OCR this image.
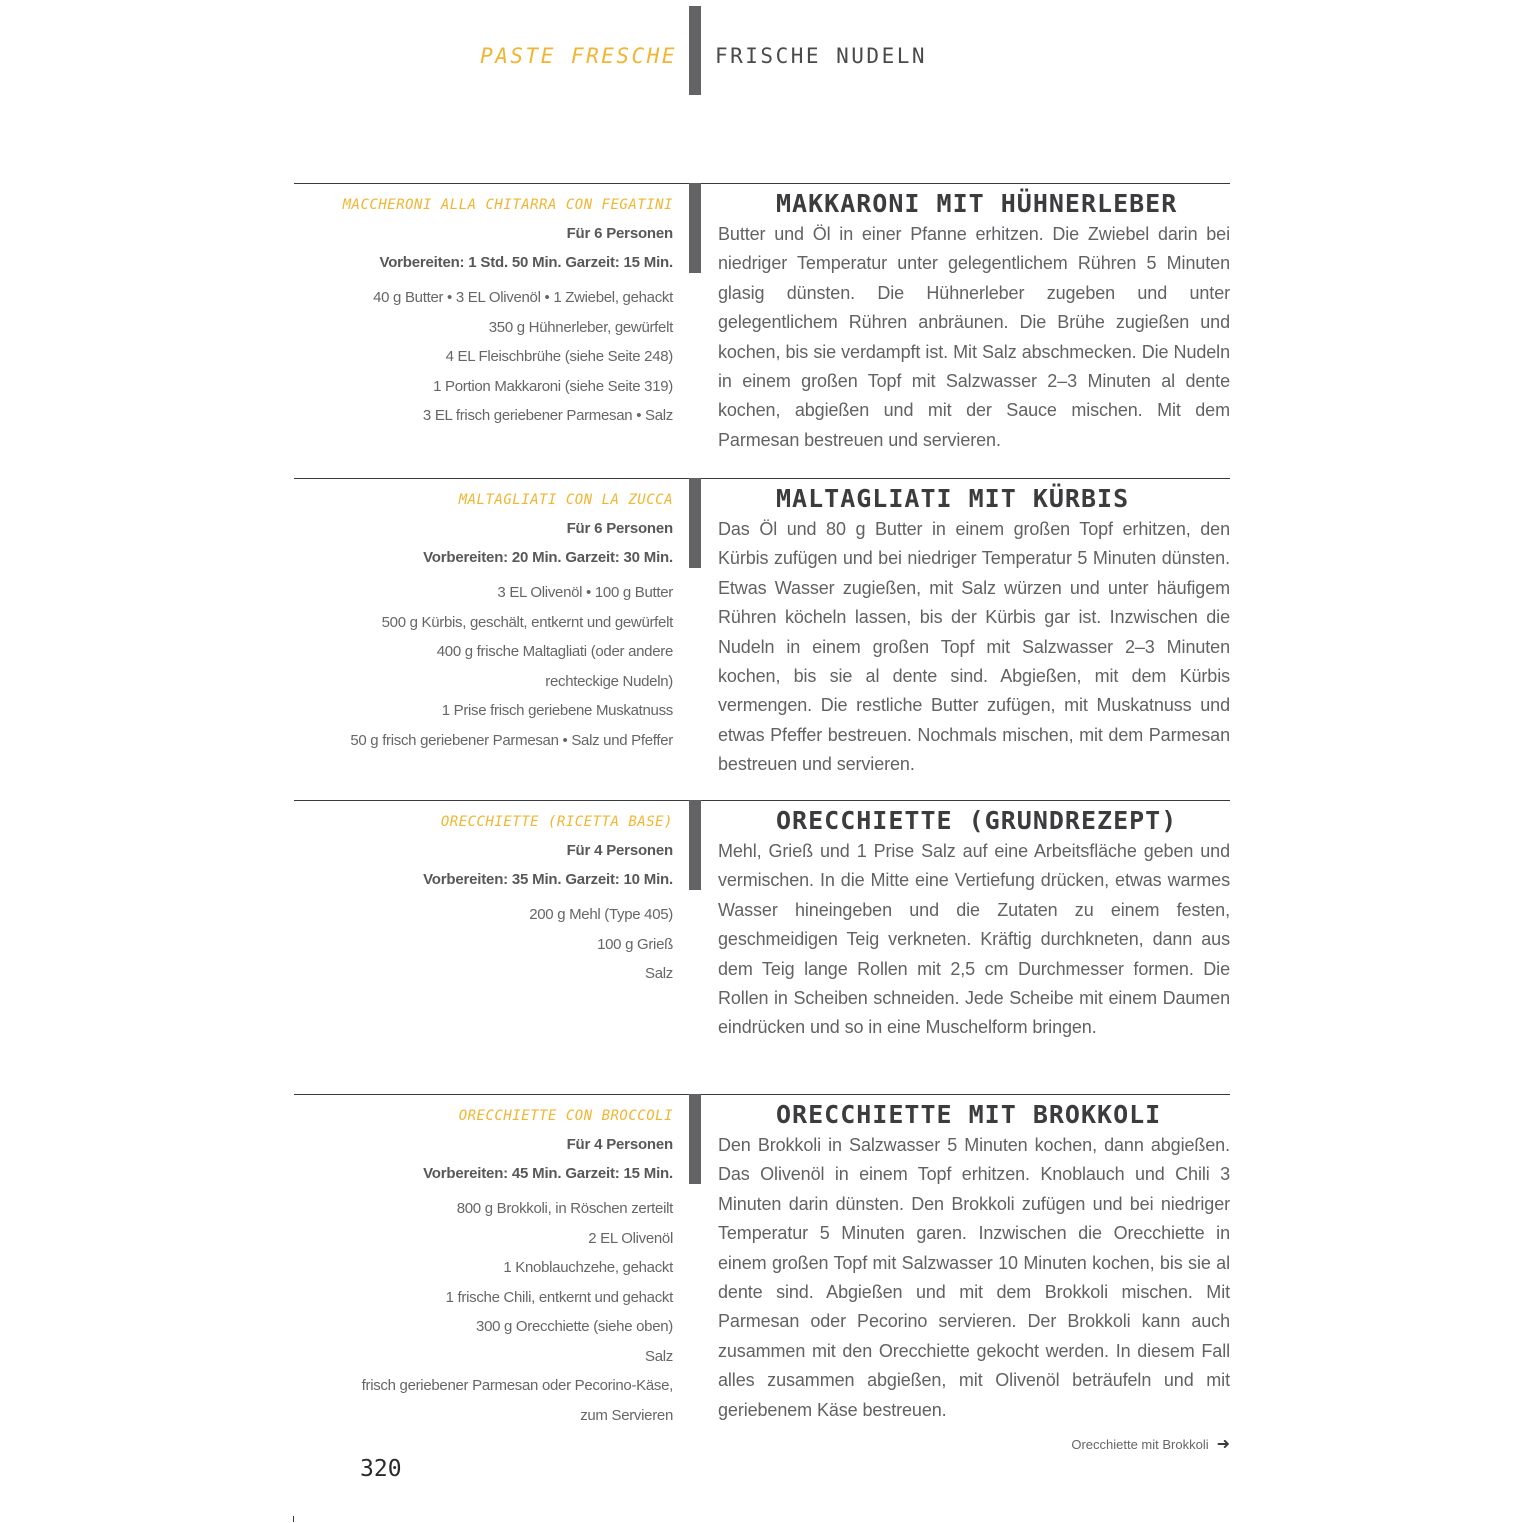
PASTE FRESCHE FRISCHE NUDELN
MACCHERONI ALLA CHITARRA CON FEGATINI
Für 6 Personen
Vorbereiten: 1 Std. 50 Min. Garzeit: 15 Min.
40 g Butter • 3 EL Olivenöl • 1 Zwiebel, gehackt
350 g Hühnerleber, gewürfelt
4 EL Fleischbrühe (siehe Seite 248)
1 Portion Makkaroni (siehe Seite 319)
3 EL frisch geriebener Parmesan • Salz
MAKKARONI MIT HÜHNERLEBER

Butter und Öl in einer Pfanne erhitzen. Die Zwiebel darin bei niedriger Temperatur unter gelegentlichem Rühren 5 Minuten glasig dünsten. Die Hühnerleber zugeben und unter gelegentlichem Rühren anbräunen. Die Brühe zugießen und kochen, bis sie verdampft ist. Mit Salz abschmecken. Die Nudeln in einem großen Topf mit Salzwasser 2–3 Minuten al dente kochen, abgießen und mit der Sauce mischen. Mit dem Parmesan bestreuen und servieren.

MALTAGLIATI CON LA ZUCCA
Für 6 Personen
Vorbereiten: 20 Min. Garzeit: 30 Min.
3 EL Olivenöl • 100 g Butter
500 g Kürbis, geschält, entkernt und gewürfelt
400 g frische Maltagliati (oder andere
rechteckige Nudeln)
1 Prise frisch geriebene Muskatnuss
50 g frisch geriebener Parmesan • Salz und Pfeffer
MALTAGLIATI MIT KÜRBIS

Das Öl und 80 g Butter in einem großen Topf erhitzen, den Kürbis zufügen und bei niedriger Temperatur 5 Minuten dünsten. Etwas Wasser zugießen, mit Salz würzen und unter häufigem Rühren köcheln lassen, bis der Kürbis gar ist. Inzwischen die Nudeln in einem großen Topf mit Salzwasser 2–3 Minuten kochen, bis sie al dente sind. Abgießen, mit dem Kürbis vermengen. Die restliche Butter zufügen, mit Muskatnuss und etwas Pfeffer bestreuen. Nochmals mischen, mit dem Parmesan bestreuen und servieren.

ORECCHIETTE (RICETTA BASE)
Für 4 Personen
Vorbereiten: 35 Min. Garzeit: 10 Min.
200 g Mehl (Type 405)
100 g Grieß
Salz
ORECCHIETTE (GRUNDREZEPT)

Mehl, Grieß und 1 Prise Salz auf eine Arbeitsfläche geben und vermischen. In die Mitte eine Vertiefung drücken, etwas warmes Wasser hineingeben und die Zutaten zu einem festen, geschmeidigen Teig verkneten. Kräftig durchkneten, dann aus dem Teig lange Rollen mit 2,5 cm Durchmesser formen. Die Rollen in Scheiben schneiden. Jede Scheibe mit einem Daumen eindrücken und so in eine Muschelform bringen.

ORECCHIETTE CON BROCCOLI
Für 4 Personen
Vorbereiten: 45 Min. Garzeit: 15 Min.
800 g Brokkoli, in Röschen zerteilt
2 EL Olivenöl
1 Knoblauchzehe, gehackt
1 frische Chili, entkernt und gehackt
300 g Orecchiette (siehe oben)
Salz
frisch geriebener Parmesan oder Pecorino-Käse,
zum Servieren
ORECCHIETTE MIT BROKKOLI

Den Brokkoli in Salzwasser 5 Minuten kochen, dann abgießen. Das Olivenöl in einem Topf erhitzen. Knoblauch und Chili 3 Minuten darin dünsten. Den Brokkoli zufügen und bei niedriger Temperatur 5 Minuten garen. Inzwischen die Orecchiette in einem großen Topf mit Salzwasser 10 Minuten kochen, bis sie al dente sind. Abgießen und mit dem Brokkoli mischen. Mit Parmesan oder Pecorino servieren. Der Brokkoli kann auch zusammen mit den Orecchiette gekocht werden. In diesem Fall alles zusammen abgießen, mit Olivenöl beträufeln und mit geriebenem Käse bestreuen.

Orecchiette mit Brokkoli ➜
320
